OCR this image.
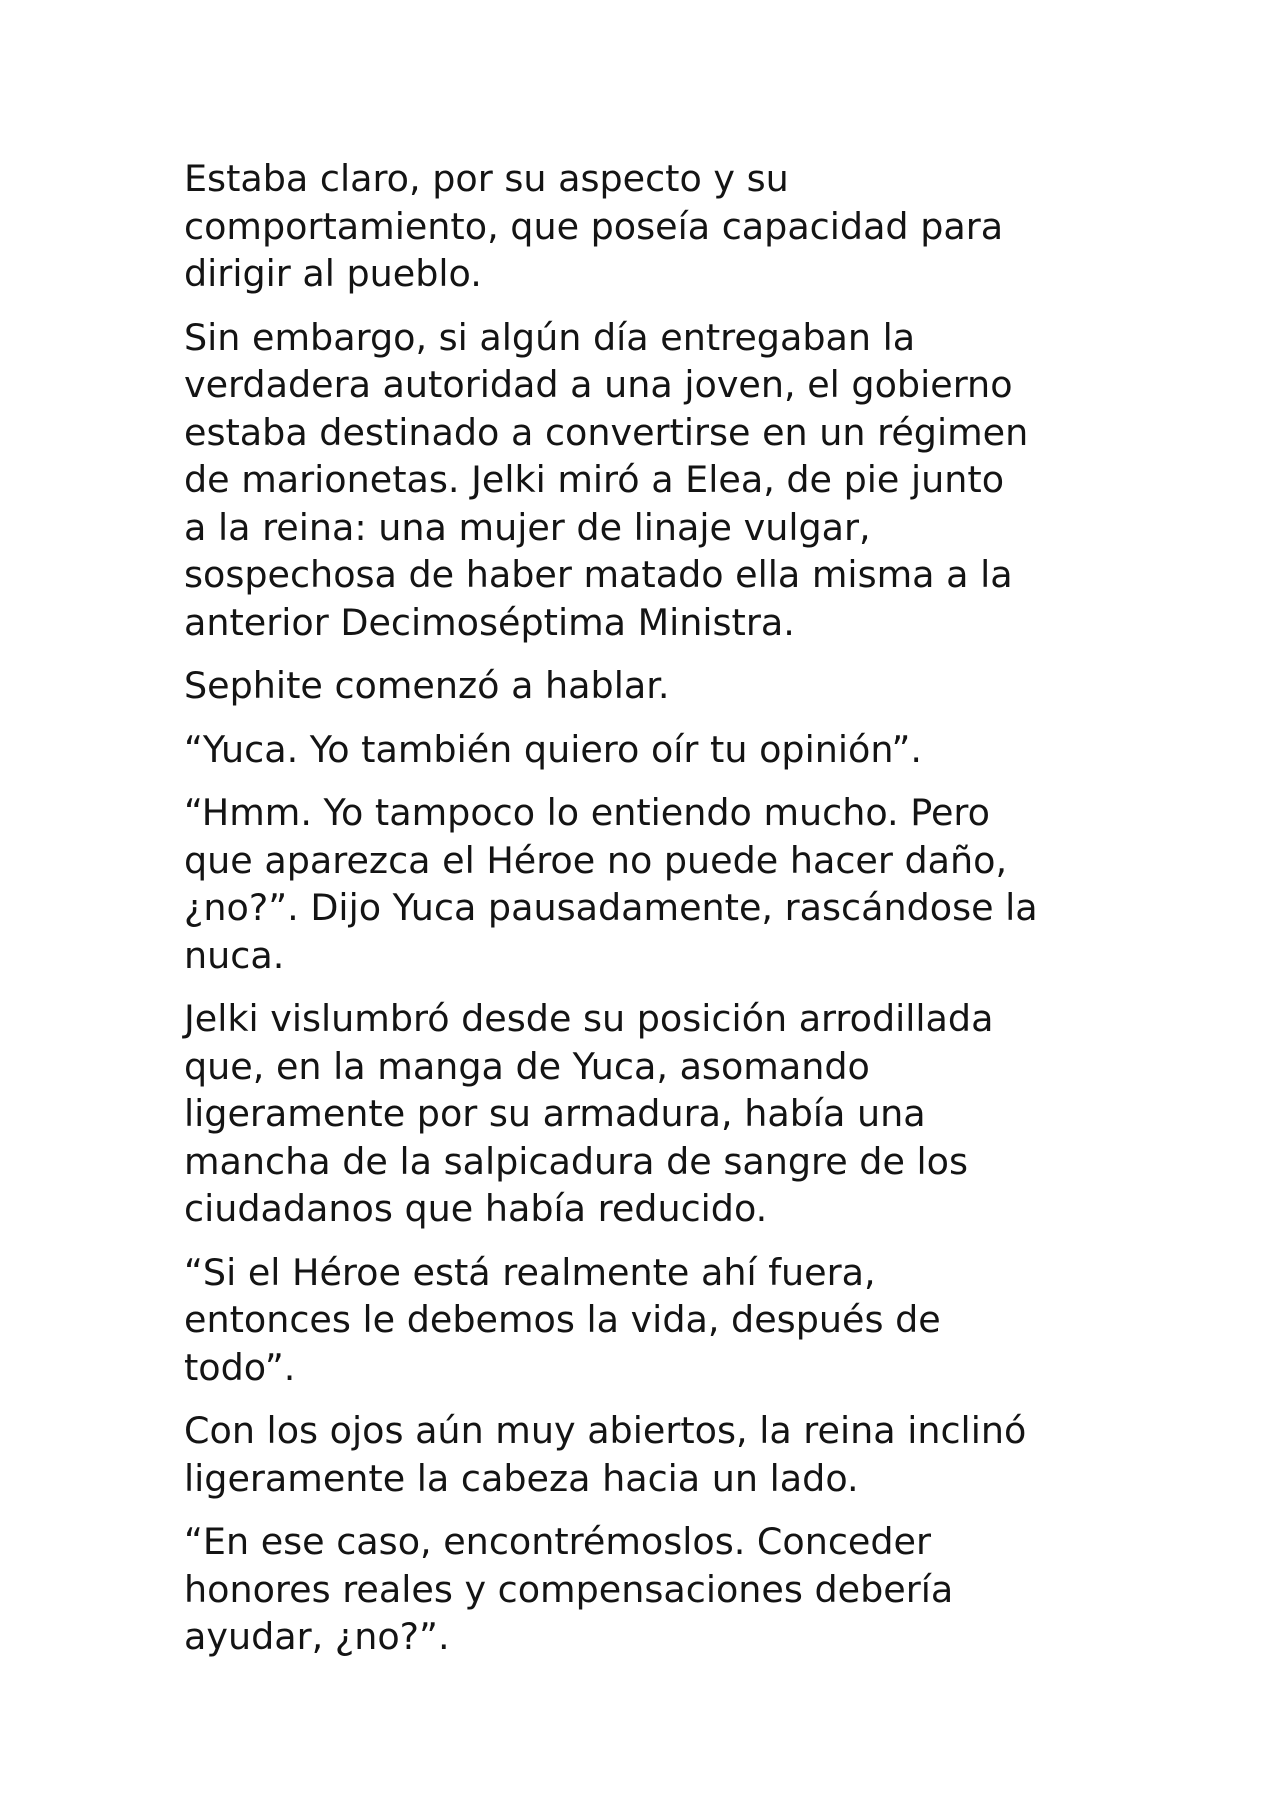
Estaba claro, por su aspecto y su
comportamiento, que poseía capacidad para
dirigir al pueblo.

Sin embargo, si algún día entregaban la
verdadera autoridad a una joven, el gobierno
estaba destinado a convertirse en un régimen
de marionetas. Jelki miró a Elea, de pie junto
a la reina: una mujer de linaje vulgar,
sospechosa de haber matado ella misma a la
anterior Decimoséptima Ministra.

Sephite comenzó a hablar.

“Yuca. Yo también quiero oír tu opinión”.

“Hmm. Yo tampoco lo entiendo mucho. Pero
que aparezca el Héroe no puede hacer daño,
¿no?”. Dijo Yuca pausadamente, rascándose la
nuca.

Jelki vislumbró desde su posición arrodillada
que, en la manga de Yuca, asomando
ligeramente por su armadura, había una
mancha de la salpicadura de sangre de los
ciudadanos que había reducido.

“Si el Héroe está realmente ahí fuera,
entonces le debemos la vida, después de
todo”.

Con los ojos aún muy abiertos, la reina inclinó
ligeramente la cabeza hacia un lado.

“En ese caso, encontrémoslos. Conceder
honores reales y compensaciones debería
ayudar, ¿no?”.
